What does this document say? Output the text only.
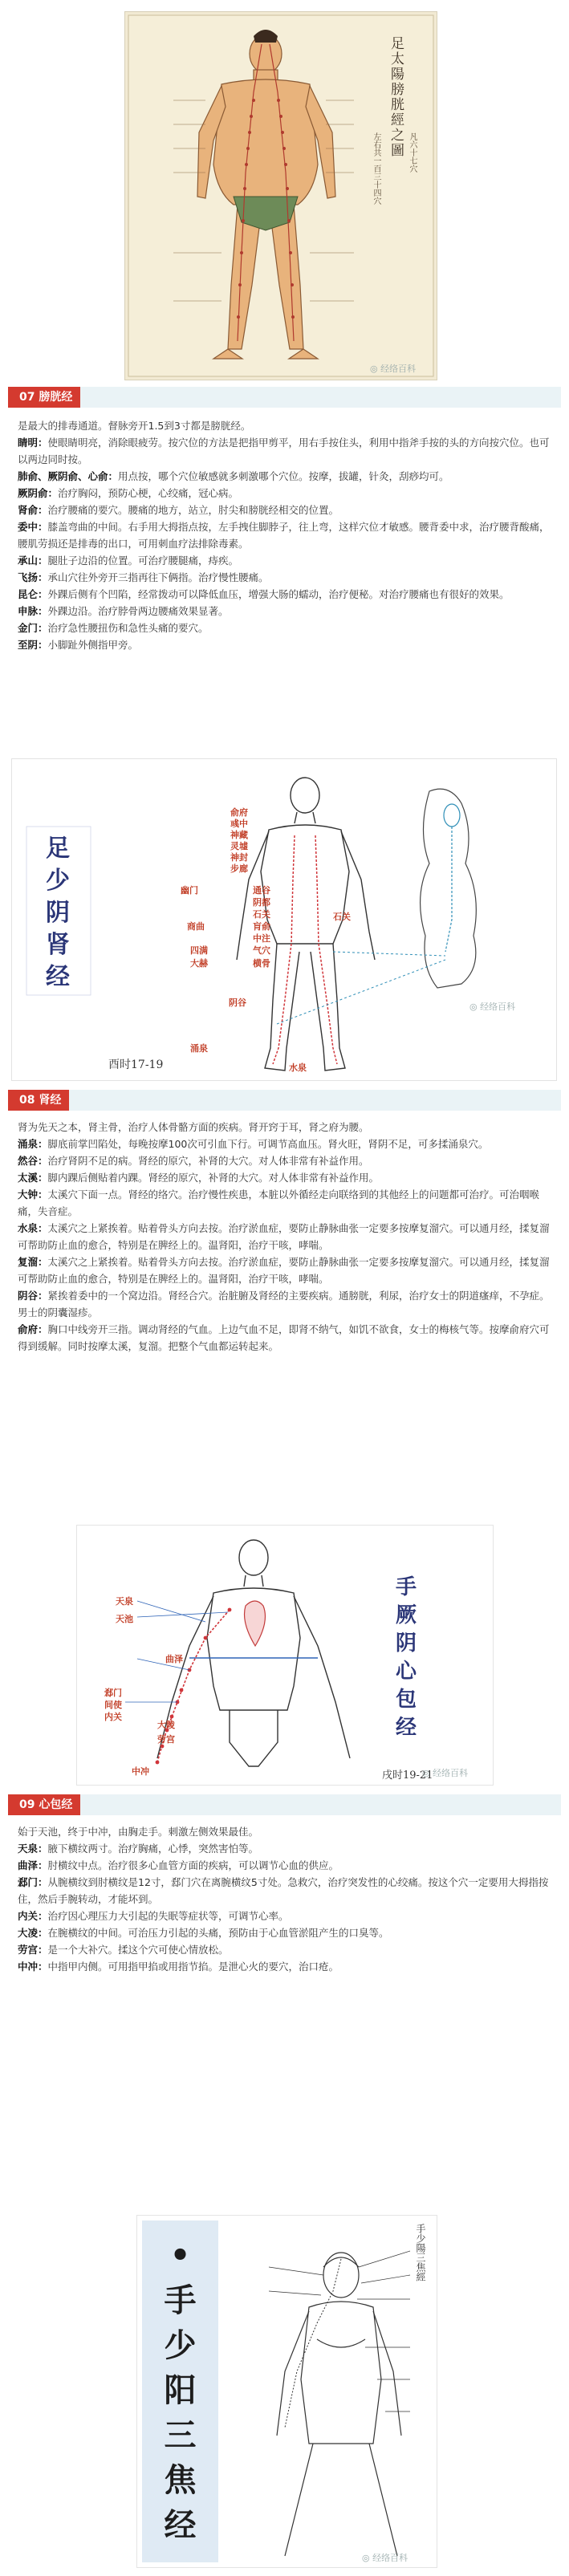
足太陽膀胱經之圖 凡六十七穴
左右共一百三十四穴
◎ 经络百科
07 膀胱经

是最大的排毒通道。督脉旁开1.5到3寸都是膀胱经。

睛明：使眼睛明亮，消除眼疲劳。按穴位的方法是把指甲剪平，用右手按住头，利用中指斧手按的头的方向按穴位。也可以两边同时按。

肺俞、厥阴俞、心俞：用点按，哪个穴位敏感就多刺激哪个穴位。按摩，拔罐，针灸，刮痧均可。

厥阴俞：治疗胸闷，预防心梗，心绞痛，冠心病。

肾俞：治疗腰痛的要穴。腰痛的地方，站立，肘尖和膀胱经相交的位置。

委中：膝盖弯曲的中间。右手用大拇指点按，左手拽住脚脖子，往上弯，这样穴位才敏感。腰背委中求，治疗腰背酸痛，腰肌劳损还是排毒的出口，可用刺血疗法排除毒素。

承山：腿肚子边沿的位置。可治疗腰腿痛，痔疾。

飞扬：承山穴往外旁开三指再往下俩指。治疗慢性腰痛。

昆仑：外踝后侧有个凹陷，经常拨动可以降低血压，增强大肠的蠕动，治疗便秘。对治疗腰痛也有很好的效果。

申脉：外踝边沿。治疗脖骨两边腰痛效果显著。

金门：治疗急性腰扭伤和急性头痛的要穴。

至阴：小脚趾外侧指甲旁。

足
少
阴
肾
经
俞府
彧中
神藏
灵墟
神封
步廊
幽门	通谷
阴都
石关
商曲	肓俞
中注
四满	气穴
大赫	横骨
石关
阴谷
涌泉
水泉
酉时17-19
◎ 经络百科
08 肾经

肾为先天之本，肾主骨，治疗人体骨骼方面的疾病。肾开窍于耳，肾之府为腰。

涌泉：脚底前掌凹陷处，每晚按摩100次可引血下行。可调节高血压。肾火旺，肾阴不足，可多揉涌泉穴。

然谷：治疗肾阴不足的病。肾经的原穴，补肾的大穴。对人体非常有补益作用。

太溪：脚内踝后侧贴着内踝。肾经的原穴，补肾的大穴。对人体非常有补益作用。

大钟：太溪穴下面一点。肾经的络穴。治疗慢性疾患，本脏以外循经走向联络到的其他经上的问题都可治疗。可治咽喉痛，失音症。

水泉：太溪穴之上紧挨着。贴着骨头方向去按。治疗淤血症，要防止静脉曲张一定要多按摩复溜穴。可以通月经，揉复溜可帮助防止血的愈合，特别是在脾经上的。温肾阳，治疗干咳，哮喘。

复溜：太溪穴之上紧挨着。贴着骨头方向去按。治疗淤血症，要防止静脉曲张一定要多按摩复溜穴。可以通月经，揉复溜可帮助防止血的愈合，特别是在脾经上的。温肾阳，治疗干咳，哮喘。

阴谷：紧挨着委中的一个窝边沿。肾经合穴。治脏腑及肾经的主要疾病。通膀胱，利尿，治疗女士的阴道瘙痒，不孕症。男士的阴囊湿疹。

俞府：胸口中线旁开三指。调动肾经的气血。上边气血不足，即肾不纳气，如饥不欲食，女士的梅核气等。按摩俞府穴可得到缓解。同时按摩太溪，复溜。把整个气血都运转起来。

天泉
天池
曲泽
郄门
间使
内关
大陵
劳宫
中冲
手
厥
阴
心
包
经
戌时19-21
◎ 经络百科
09 心包经

始于天池，终于中冲，由胸走手。刺激左侧效果最佳。

天泉：腋下横纹两寸。治疗胸痛，心悸，突然害怕等。

曲泽：肘横纹中点。治疗很多心血管方面的疾病，可以调节心血的供应。

郄门：从腕横纹到肘横纹是12寸，郄门穴在离腕横纹5寸处。急救穴，治疗突发性的心绞痛。按这个穴一定要用大拇指按住，然后手腕转动，才能坏到。

内关：治疗因心理压力大引起的失眠等症状等，可调节心率。

大凌：在腕横纹的中间。可治压力引起的头痛，预防由于心血管淤阻产生的口臭等。

劳宫：是一个大补穴。揉这个穴可使心情放松。

中冲：中指甲内侧。可用指甲掐或用指节掐。是泄心火的要穴，治口疮。

•
手
少
阳
三
焦
经
手少陽三焦經
◎ 经络百科
